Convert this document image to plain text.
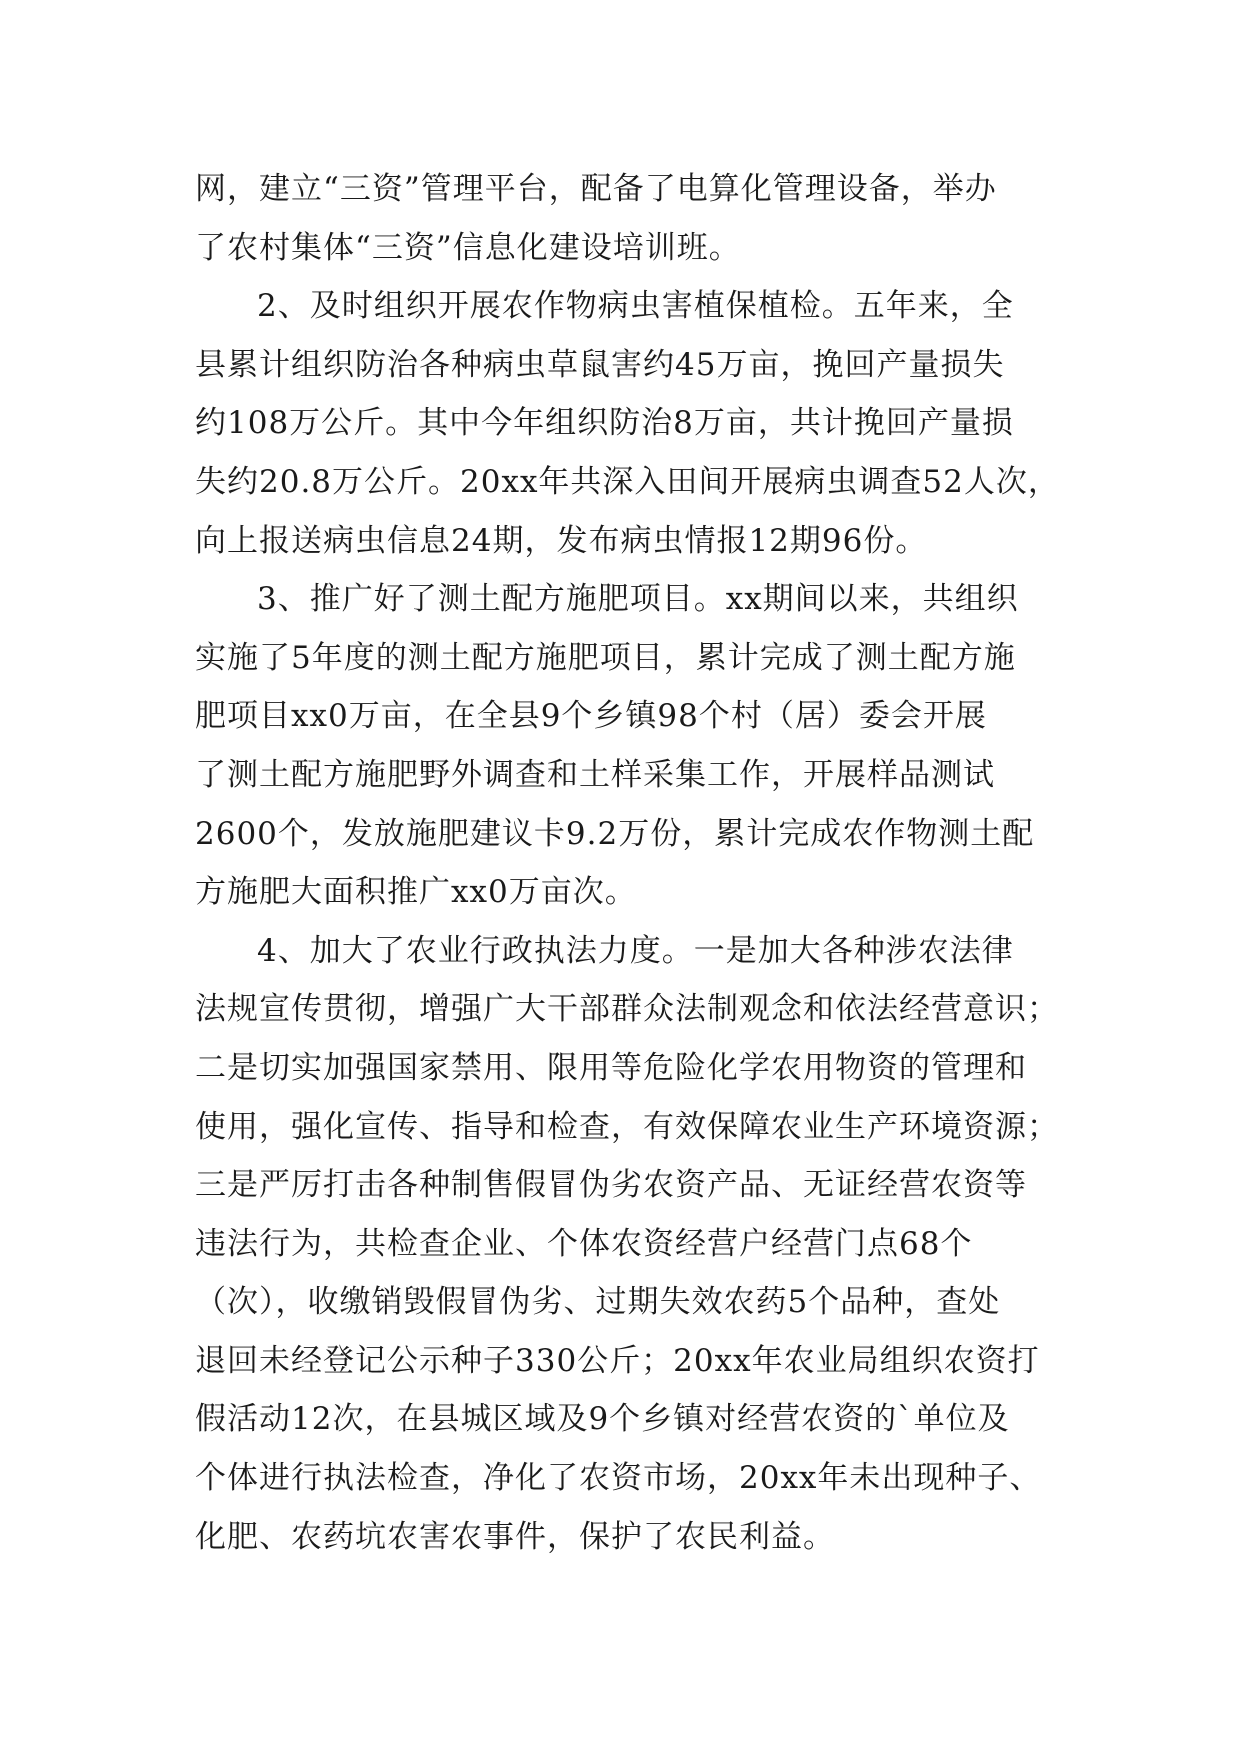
网，建立“三资”管理平台，配备了电算化管理设备，举办
了农村集体“三资”信息化建设培训班。
2、及时组织开展农作物病虫害植保植检。五年来，全
县累计组织防治各种病虫草鼠害约45万亩，挽回产量损失
约108万公斤。其中今年组织防治8万亩，共计挽回产量损
失约20.8万公斤。20xx年共深入田间开展病虫调查52人次，
向上报送病虫信息24期，发布病虫情报12期96份。
3、推广好了测土配方施肥项目。xx期间以来，共组织
实施了5年度的测土配方施肥项目，累计完成了测土配方施
肥项目xx0万亩，在全县9个乡镇98个村（居）委会开展
了测土配方施肥野外调查和土样采集工作，开展样品测试
2600个，发放施肥建议卡9.2万份，累计完成农作物测土配
方施肥大面积推广xx0万亩次。
4、加大了农业行政执法力度。一是加大各种涉农法律
法规宣传贯彻，增强广大干部群众法制观念和依法经营意识；
二是切实加强国家禁用、限用等危险化学农用物资的管理和
使用，强化宣传、指导和检查，有效保障农业生产环境资源；
三是严厉打击各种制售假冒伪劣农资产品、无证经营农资等
违法行为，共检查企业、个体农资经营户经营门点68个
（次），收缴销毁假冒伪劣、过期失效农药5个品种，查处
退回未经登记公示种子330公斤；20xx年农业局组织农资打
假活动12次，在县城区域及9个乡镇对经营农资的`单位及
个体进行执法检查，净化了农资市场，20xx年未出现种子、
化肥、农药坑农害农事件，保护了农民利益。
